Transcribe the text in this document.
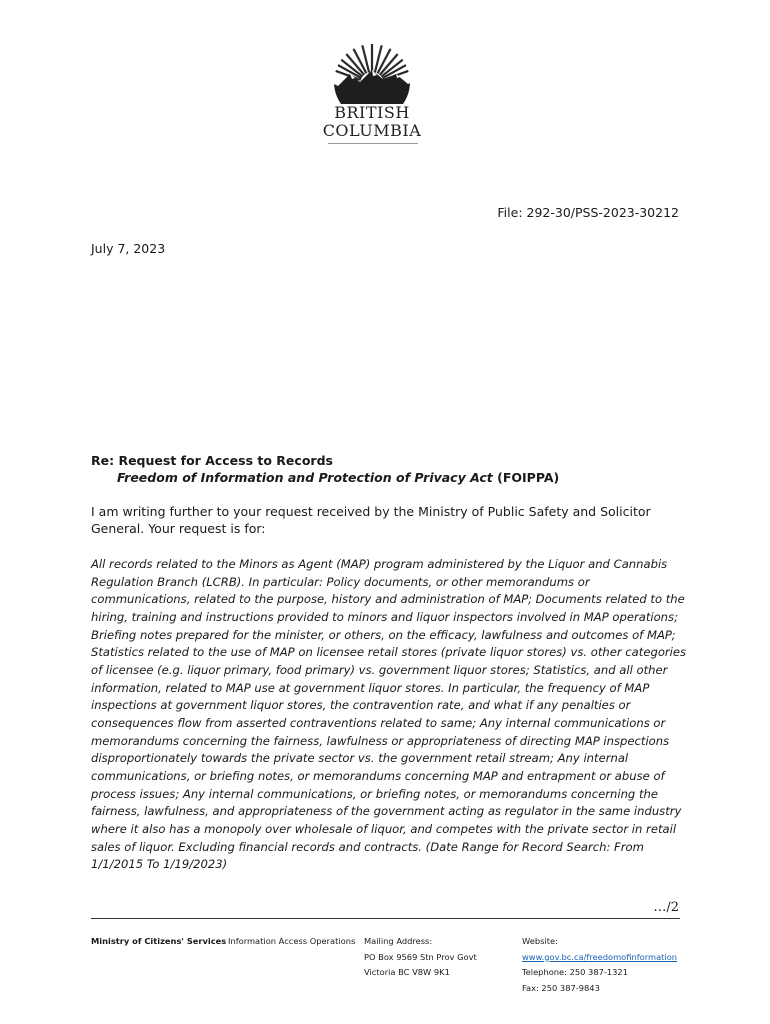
BRITISH
COLUMBIA
File: 292-30/PSS-2023-30212
July 7, 2023
Re: Request for Access to Records
Freedom of Information and Protection of Privacy Act (FOIPPA)
I am writing further to your request received by the Ministry of Public Safety and Solicitor General. Your request is for:
All records related to the Minors as Agent (MAP) program administered by the Liquor and Cannabis Regulation Branch (LCRB). In particular: Policy documents, or other memorandums or communications, related to the purpose, history and administration of MAP; Documents related to the hiring, training and instructions provided to minors and liquor inspectors involved in MAP operations; Briefing notes prepared for the minister, or others, on the efficacy, lawfulness and outcomes of MAP; Statistics related to the use of MAP on licensee retail stores (private liquor stores) vs. other categories of licensee (e.g. liquor primary, food primary) vs. government liquor stores; Statistics, and all other information, related to MAP use at government liquor stores. In particular, the frequency of MAP inspections at government liquor stores, the contravention rate, and what if any penalties or consequences flow from asserted contraventions related to same; Any internal communications or memorandums concerning the fairness, lawfulness or appropriateness of directing MAP inspections disproportionately towards the private sector vs. the government retail stream; Any internal communications, or briefing notes, or memorandums concerning MAP and entrapment or abuse of process issues; Any internal communications, or briefing notes, or memorandums concerning the fairness, lawfulness, and appropriateness of the government acting as regulator in the same industry where it also has a monopoly over wholesale of liquor, and competes with the private sector in retail sales of liquor. Excluding financial records and contracts. (Date Range for Record Search: From 1/1/2015 To 1/19/2023)
…/2
Ministry of Citizens' Services Information Access Operations Mailing Address:
PO Box 9569 Stn Prov Govt
Victoria BC V8W 9K1
Website:
www.gov.bc.ca/freedomofinformation
Telephone: 250 387-1321
Fax: 250 387-9843
